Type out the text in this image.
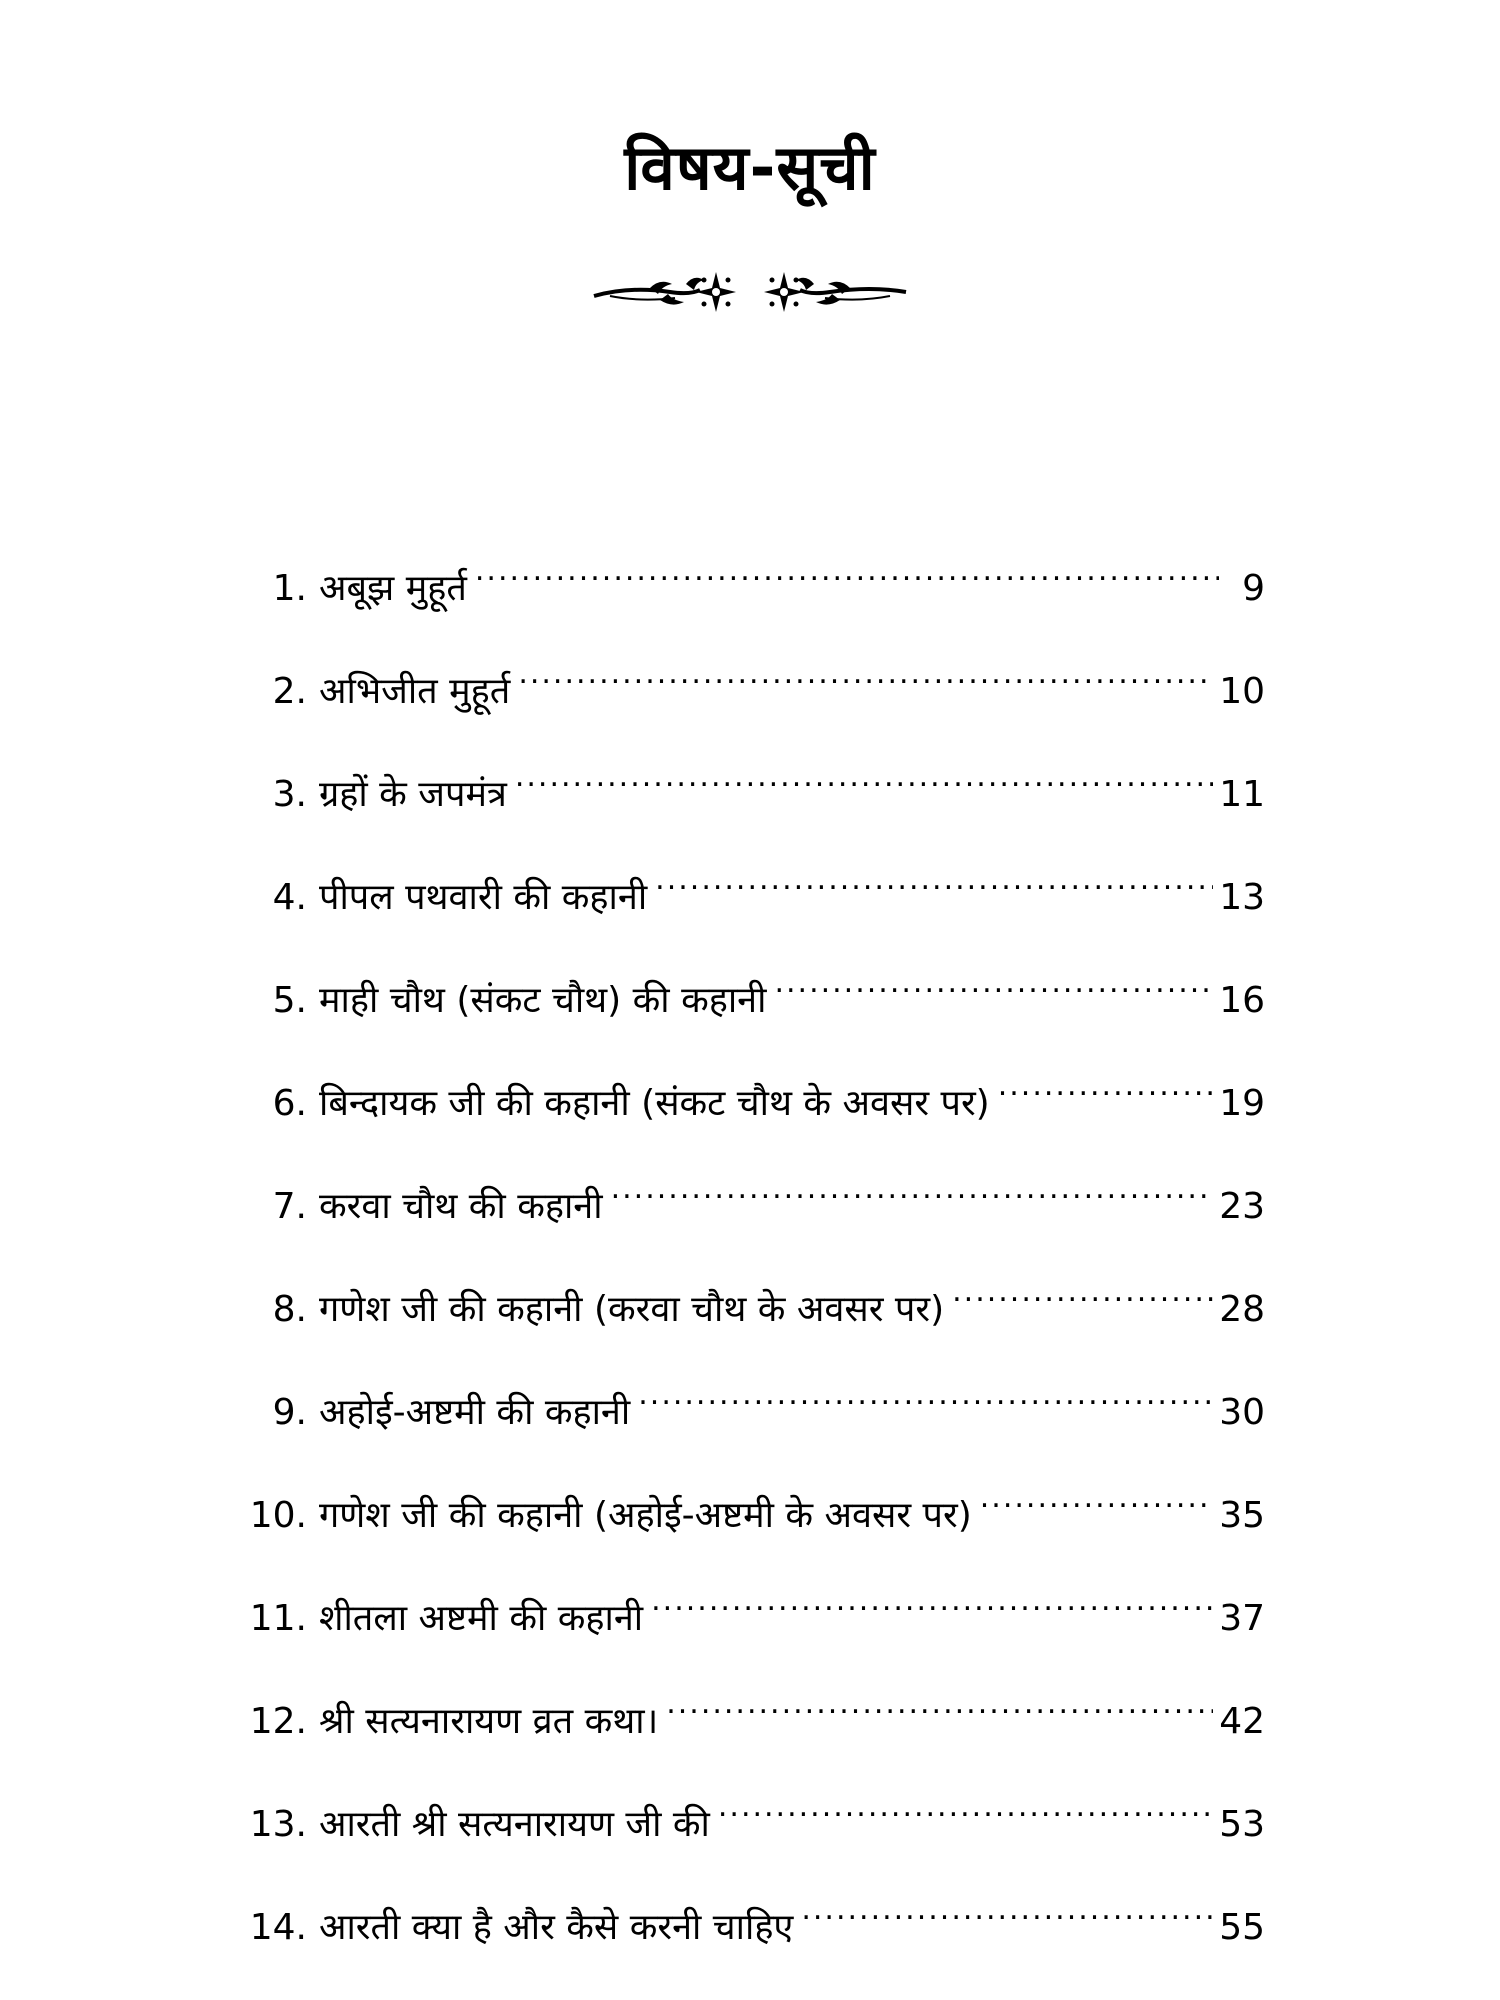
विषय-सूची
1. अबूझ मुहूर्त .....	9
2. अभिजीत मुहूर्त .....	10
3. ग्रहों के जपमंत्र .....	11
4. पीपल पथवारी की कहानी .....	13
5. माही चौथ (संकट चौथ) की कहानी .....	16
6. बिन्दायक जी की कहानी (संकट चौथ के अवसर पर) .....	19
7. करवा चौथ की कहानी .....	23
8. गणेश जी की कहानी (करवा चौथ के अवसर पर) .....	28
9. अहोई-अष्टमी की कहानी .....	30
10. गणेश जी की कहानी (अहोई-अष्टमी के अवसर पर) .....	35
11. शीतला अष्टमी की कहानी .....	37
12. श्री सत्यनारायण व्रत कथा। .....	42
13. आरती श्री सत्यनारायण जी की .....	53
14. आरती क्या है और कैसे करनी चाहिए .....	55
